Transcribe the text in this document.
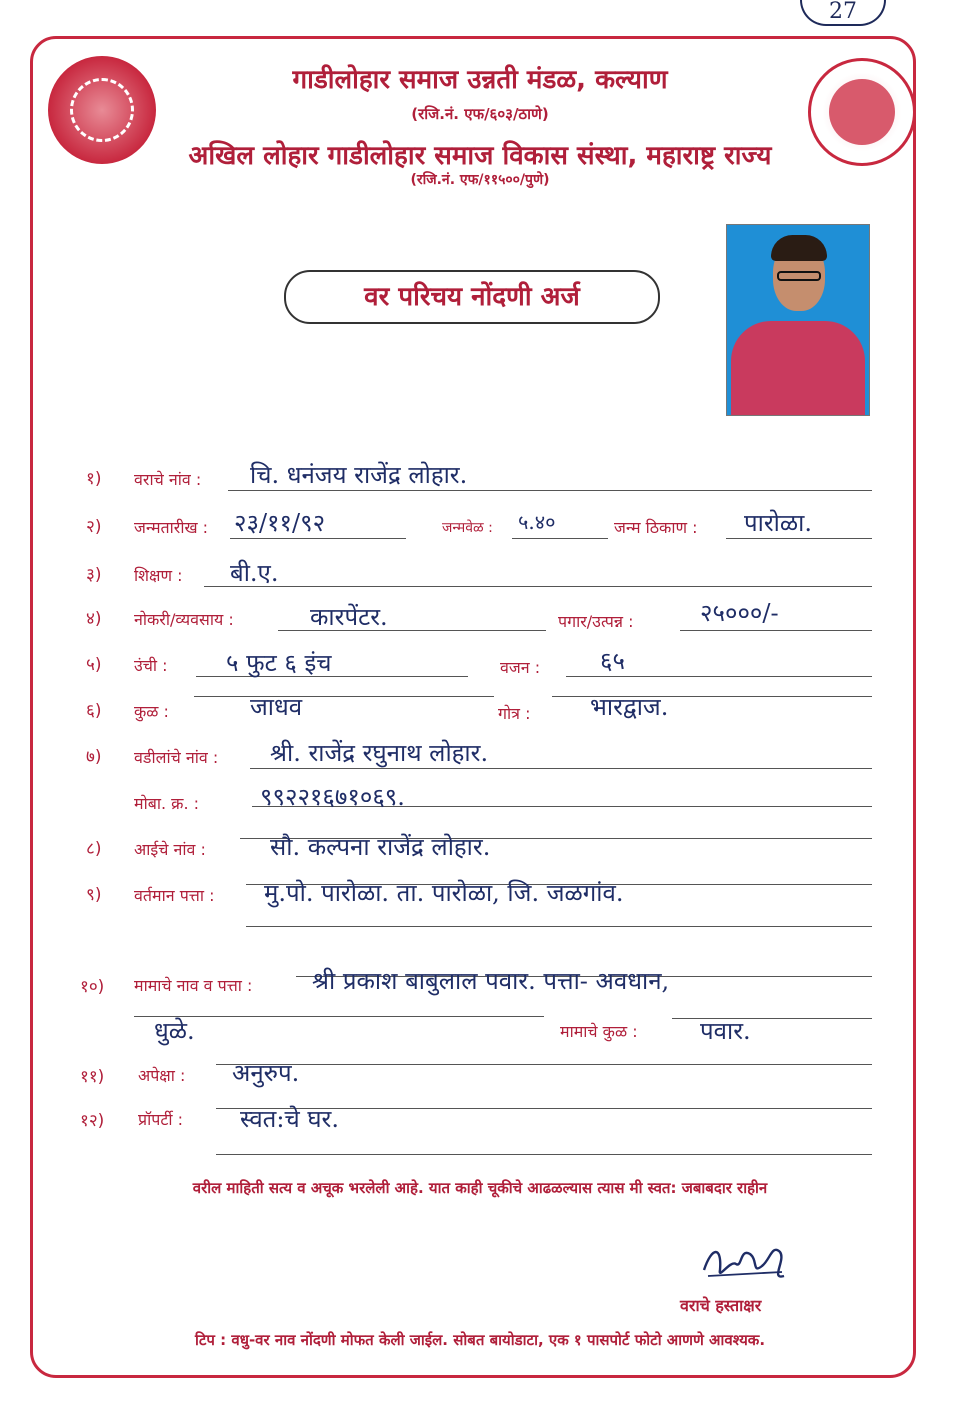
27
गाडीलोहार समाज उन्नती मंडळ, कल्याण
(रजि.नं. एफ/६०३/ठाणे)
अखिल लोहार गाडीलोहार समाज विकास संस्था, महाराष्ट्र राज्य
(रजि.नं. एफ/११५००/पुणे)
वर परिचय नोंदणी अर्ज
१)	वराचे नांव : चि. धनंजय राजेंद्र लोहार.
२)	जन्मतारीख : २३/११/९२	जन्मवेळ : ५.४०	जन्म ठिकाण : पारोळा.
३)	शिक्षण : बी.ए.
४)	नोकरी/व्यवसाय :	कारपेंटर.	पगार/उत्पन्न :	२५०००/-
५)	उंची : ५ फुट ६ इंच	वजन : ६५
६)	कुळ :	जाधव	गोत्र : भारद्वाज.
७)	वडीलांचे नांव : श्री. राजेंद्र रघुनाथ लोहार.
मोबा. क्र. :	९९२२१६७१०६९.
८)	आईचे नांव :	सौ. कल्पना राजेंद्र लोहार.
९)	वर्तमान पत्ता : मु.पो. पारोळा. ता. पारोळा, जि. जळगांव.
१०)	मामाचे नाव व पत्ता : श्री प्रकाश बाबुलाल पवार. पत्ता- अवधान,
धुळे.	मामाचे कुळ :	पवार.
११)	अपेक्षा : अनुरुप.
१२)	प्रॉपर्टी : स्वत:चे घर.
वरील माहिती सत्य व अचूक भरलेली आहे. यात काही चूकीचे आढळल्यास त्यास मी स्वत: जबाबदार राहीन
वराचे हस्ताक्षर
टिप : वधु-वर नाव नोंदणी मोफत केली जाईल. सोबत बायोडाटा, एक १ पासपोर्ट फोटो आणणे आवश्यक.
